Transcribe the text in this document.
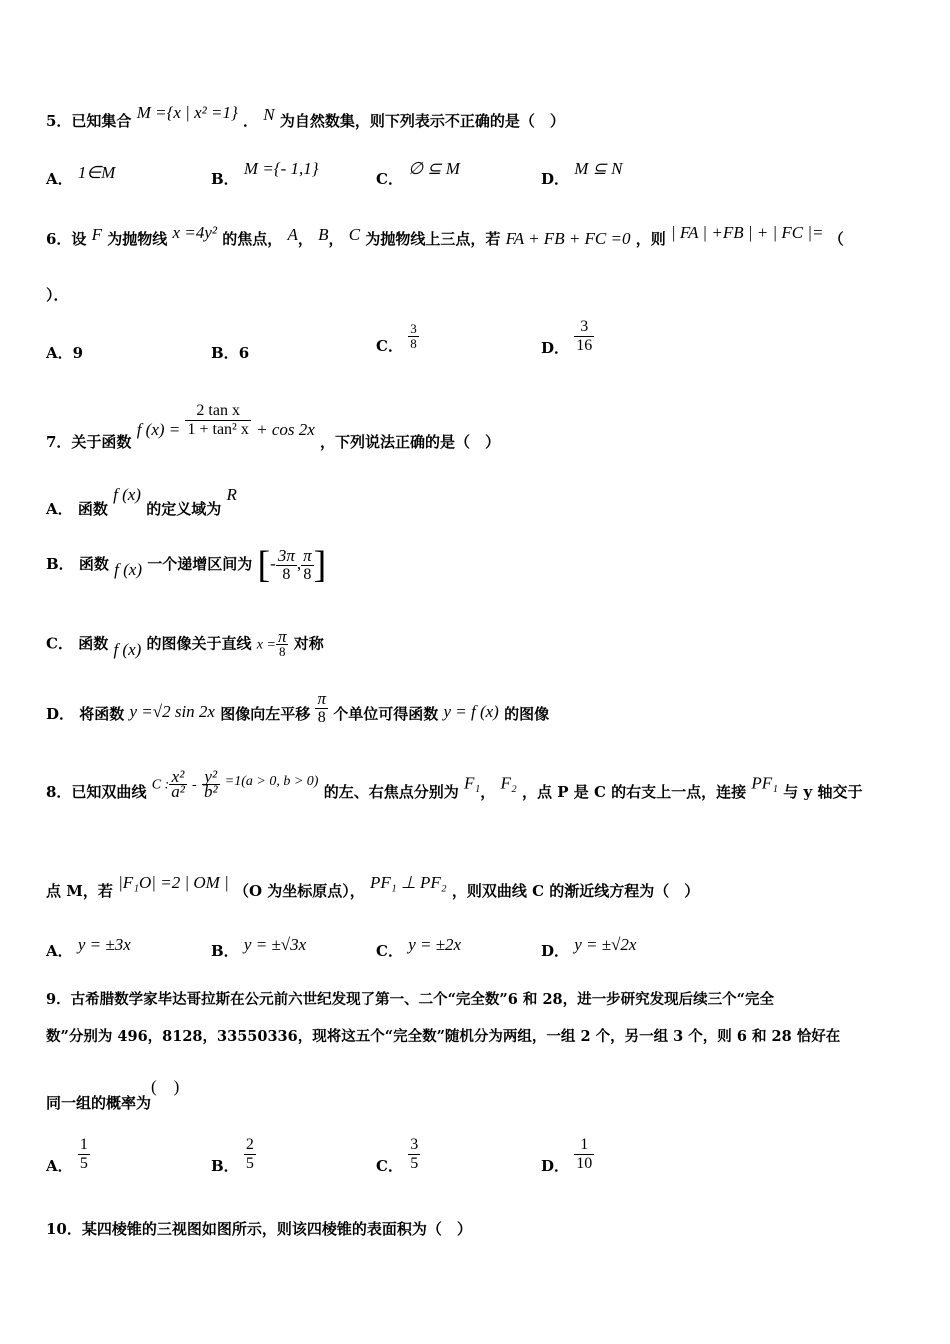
5．已知集合 M ={x | x² =1} ． N 为自然数集，则下列表示不正确的是（　）
A． 1∈M	B． M ={- 1,1}
C． ∅ ⊆ M
D． M ⊆ N
6．设 F 为抛物线 x =4y² 的焦点， A， B， C 为抛物线上三点，若 FA + FB + FC =0 ，则 | FA | +FB | + | FC |= （
）．
A．9	B．6	C． $\frac{3}{8}$	D． $\frac{3}{16}$
7．关于函数 f $(x) = \frac{\text{2 tan x}}{\text{1 + tan² x}} + \cos 2x$ ，下列说法正确的是（　）
A． 函数 f (x) 的定义域为 R
B． 函数 f (x) 一个递增区间为 [- $\frac{3\pi}{8}$ , $\frac{\pi}{8}$ ]
C． 函数 f (x) 的图像关于直线 $x = \frac{\pi}{8}$ 对称
D． 将函数 y =√2 sin 2x 图像向左平移 $\frac{\pi}{8}$ 个单位可得函数 y = f (x) 的图像
8．已知双曲线 C : $\frac{\text{x²}}{\text{a²}} - \frac{\text{y²}}{\text{b²}} =1(a > 0$, b > 0) 的左、右焦点分别为 F₁， F₂ ，点 P 是 C 的右支上一点，连接 PF₁ 与 y 轴交于
点 M，若 |F₁O| =2 | OM | （O 为坐标原点）， PF₁ ⊥ PF₂ ，则双曲线 C 的渐近线方程为（　）
A． y = ±3x	B． y = ±√3x	C． y = ±2x	D． y = ±√2x
9．古希腊数学家毕达哥拉斯在公元前六世纪发现了第一、二个“完全数”6 和 28，进一步研究发现后续三个“完全
数”分别为 496，8128，33550336，现将这五个“完全数”随机分为两组，一组 2 个，另一组 3 个，则 6 和 28 恰好在
同一组的概率为(　)
A． $\frac{1}{5}$	B． $\frac{2}{5}$	C． $\frac{3}{5}$	D． $\frac{1}{10}$
10．某四棱锥的三视图如图所示，则该四棱锥的表面积为（　）
